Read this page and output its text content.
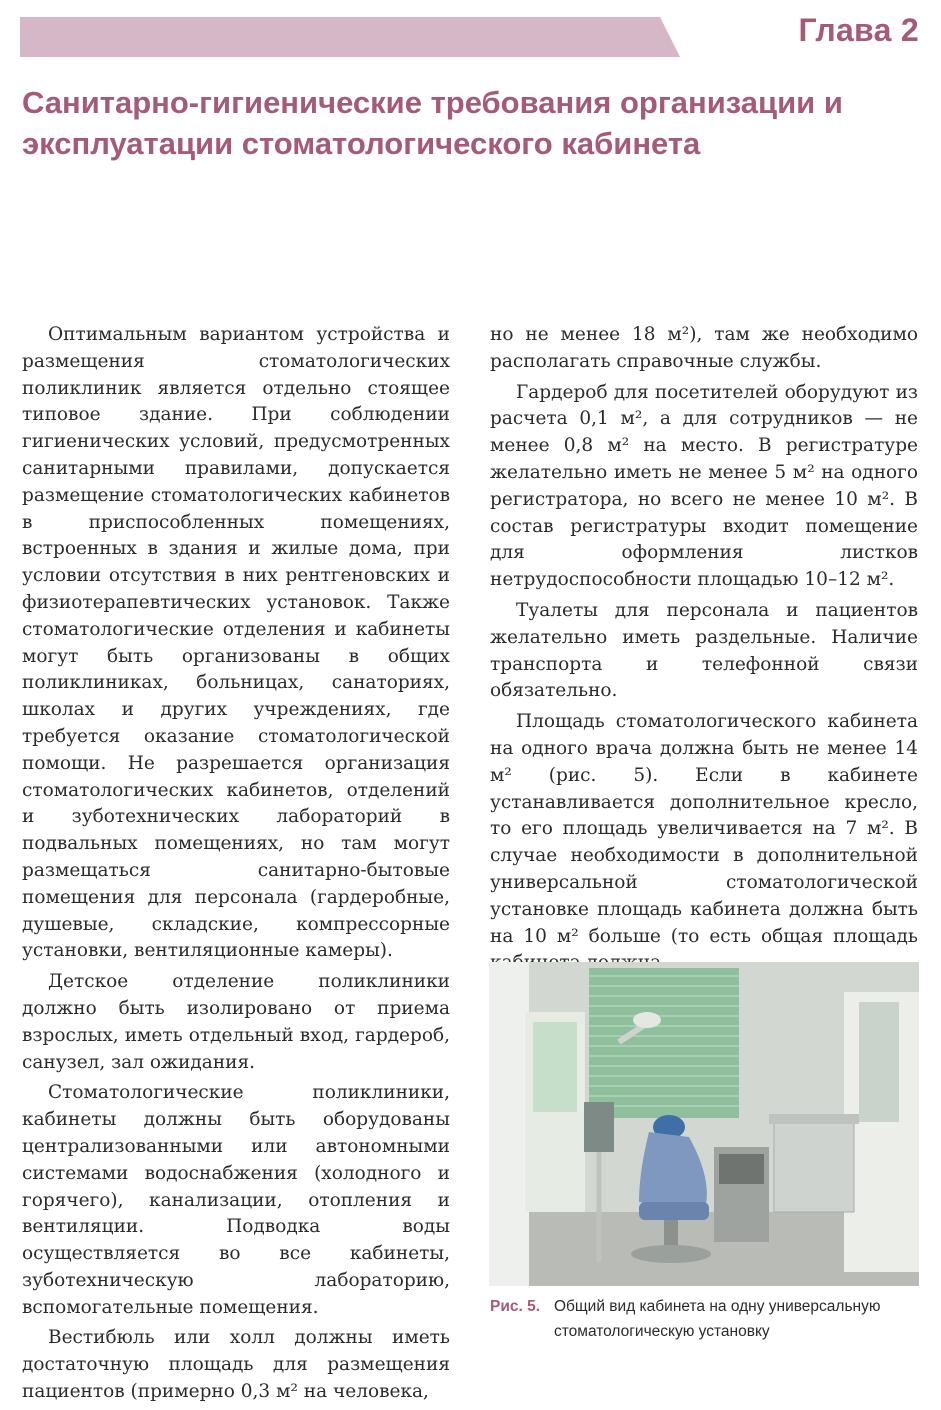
Глава 2
Санитарно-гигиенические требования организации и эксплуатации стоматологического кабинета

Оптимальным вариантом устройства и размещения стоматологических поликлиник является отдельно стоящее типовое здание. При соблюдении гигиенических условий, предусмотренных санитарными правилами, допускается размещение стоматологических кабинетов в приспособленных помещениях, встроенных в здания и жилые дома, при условии отсутствия в них рентгеновских и физиотерапевтических установок. Также стоматологические отделения и кабинеты могут быть организованы в общих поликлиниках, больницах, санаториях, школах и других учреждениях, где требуется оказание стоматологической помощи. Не разрешается организация стоматологических кабинетов, отделений и зуботехнических лабораторий в подвальных помещениях, но там могут размещаться санитарно-бытовые помещения для персонала (гардеробные, душевые, складские, компрессорные установки, вентиляционные камеры).

Детское отделение поликлиники должно быть изолировано от приема взрослых, иметь отдельный вход, гардероб, санузел, зал ожидания.

Стоматологические поликлиники, кабинеты должны быть оборудованы централизованными или автономными системами водоснабжения (холодного и горячего), канализации, отопления и вентиляции. Подводка воды осуществляется во все кабинеты, зуботехническую лабораторию, вспомогательные помещения.

Вестибюль или холл должны иметь достаточную площадь для размещения пациентов (примерно 0,3 м² на человека,

но не менее 18 м²), там же необходимо располагать справочные службы.

Гардероб для посетителей оборудуют из расчета 0,1 м², а для сотрудников — не менее 0,8 м² на место. В регистратуре желательно иметь не менее 5 м² на одного регистратора, но всего не менее 10 м². В состав регистратуры входит помещение для оформления листков нетрудоспособности площадью 10–12 м².

Туалеты для персонала и пациентов желательно иметь раздельные. Наличие транспорта и телефонной связи обязательно.

Площадь стоматологического кабинета на одного врача должна быть не менее 14 м² (рис. 5). Если в кабинете устанавливается дополнительное кресло, то его площадь увеличивается на 7 м². В случае необходимости в дополнительной универсальной стоматологической установке площадь кабинета должна быть на 10 м² больше (то есть общая площадь

Рис. 5. Общий вид кабинета на одну универсальную стоматологическую установку
